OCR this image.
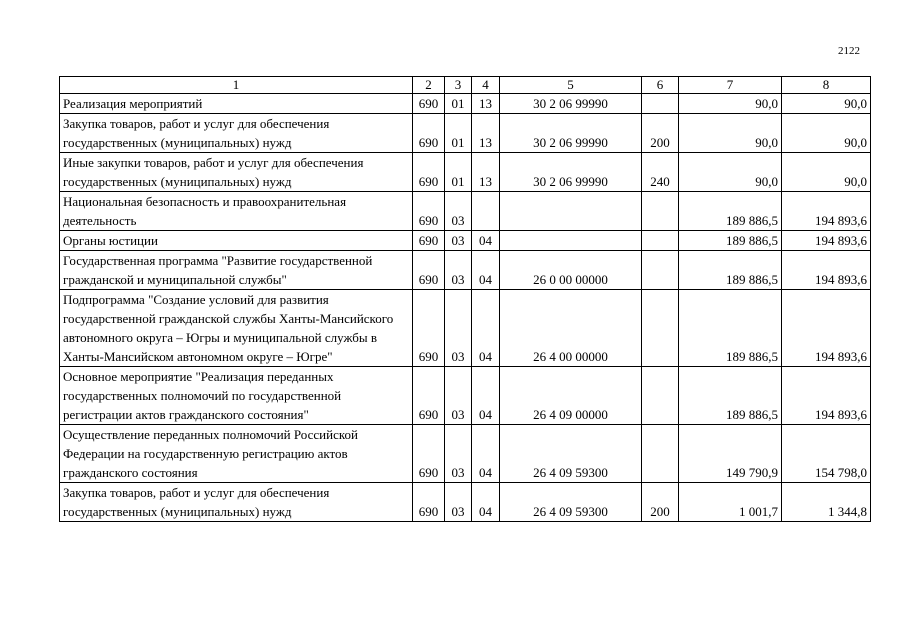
2122
1	2	3	4	5	6	7	8
Реализация мероприятий	690	01	13	30 2 06 99990		90,0	90,0
Закупка товаров, работ и услуг для обеспечения государственных (муниципальных) нужд	690	01	13	30 2 06 99990	200	90,0	90,0
Иные закупки товаров, работ и услуг для обеспечения государственных (муниципальных) нужд	690	01	13	30 2 06 99990	240	90,0	90,0
Национальная безопасность и правоохранительная деятельность	690	03				189 886,5	194 893,6
Органы юстиции	690	03	04			189 886,5	194 893,6
Государственная программа "Развитие государственной гражданской и муниципальной службы"	690	03	04	26 0 00 00000		189 886,5	194 893,6
Подпрограмма "Создание условий для развития государственной гражданской службы Ханты-Мансийского автономного округа – Югры и муниципальной службы в Ханты-Мансийском автономном округе – Югре"	690	03	04	26 4 00 00000		189 886,5	194 893,6
Основное мероприятие "Реализация переданных государственных полномочий по государственной регистрации актов гражданского состояния"	690	03	04	26 4 09 00000		189 886,5	194 893,6
Осуществление переданных полномочий Российской Федерации на государственную регистрацию актов гражданского состояния	690	03	04	26 4 09 59300		149 790,9	154 798,0
Закупка товаров, работ и услуг для обеспечения государственных (муниципальных) нужд	690	03	04	26 4 09 59300	200	1 001,7	1 344,8
